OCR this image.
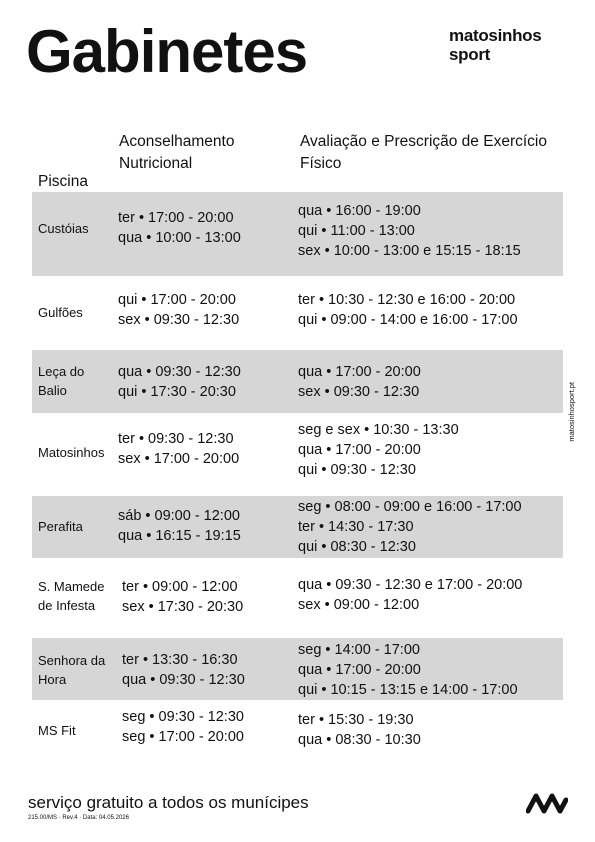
Gabinetes	matosinhos
sport
Piscina
Aconselhamento Nutricional
Avaliação e Prescrição de Exercício Físico
Custóias
ter • 17:00 - 20:00
qua • 10:00 - 13:00
qua • 16:00 - 19:00
qui • 11:00 - 13:00
sex • 10:00 - 13:00 e 15:15 - 18:15
Gulfões
qui • 17:00 - 20:00
sex • 09:30 - 12:30
ter • 10:30 - 12:30 e 16:00 - 20:00
qui • 09:00 - 14:00 e 16:00 - 17:00
Leça do Balio
qua • 09:30 - 12:30
qui • 17:30 - 20:30
qua • 17:00 - 20:00
sex • 09:30 - 12:30
Matosinhos
ter • 09:30 - 12:30
sex • 17:00 - 20:00
seg e sex • 10:30 - 13:30
qua • 17:00 - 20:00
qui • 09:30 - 12:30
Perafita
sáb • 09:00 - 12:00
qua • 16:15 - 19:15
seg • 08:00 - 09:00 e 16:00 - 17:00
ter • 14:30 - 17:30
qui • 08:30 - 12:30
S. Mamede de Infesta
ter • 09:00 - 12:00
sex • 17:30 - 20:30
qua • 09:30 - 12:30 e 17:00 - 20:00
sex • 09:00 - 12:00
Senhora da Hora
ter • 13:30 - 16:30
qua • 09:30 - 12:30
seg • 14:00 - 17:00
qua • 17:00 - 20:00
qui • 10:15 - 13:15 e 14:00 - 17:00
MS Fit
seg • 09:30 - 12:30
seg • 17:00 - 20:00
ter • 15:30 - 19:30
qua • 08:30 - 10:30
matosinhosport.pt
serviço gratuito a todos os munícipes
215.00/MS · Rev.4 · Data: 04.05.2026
